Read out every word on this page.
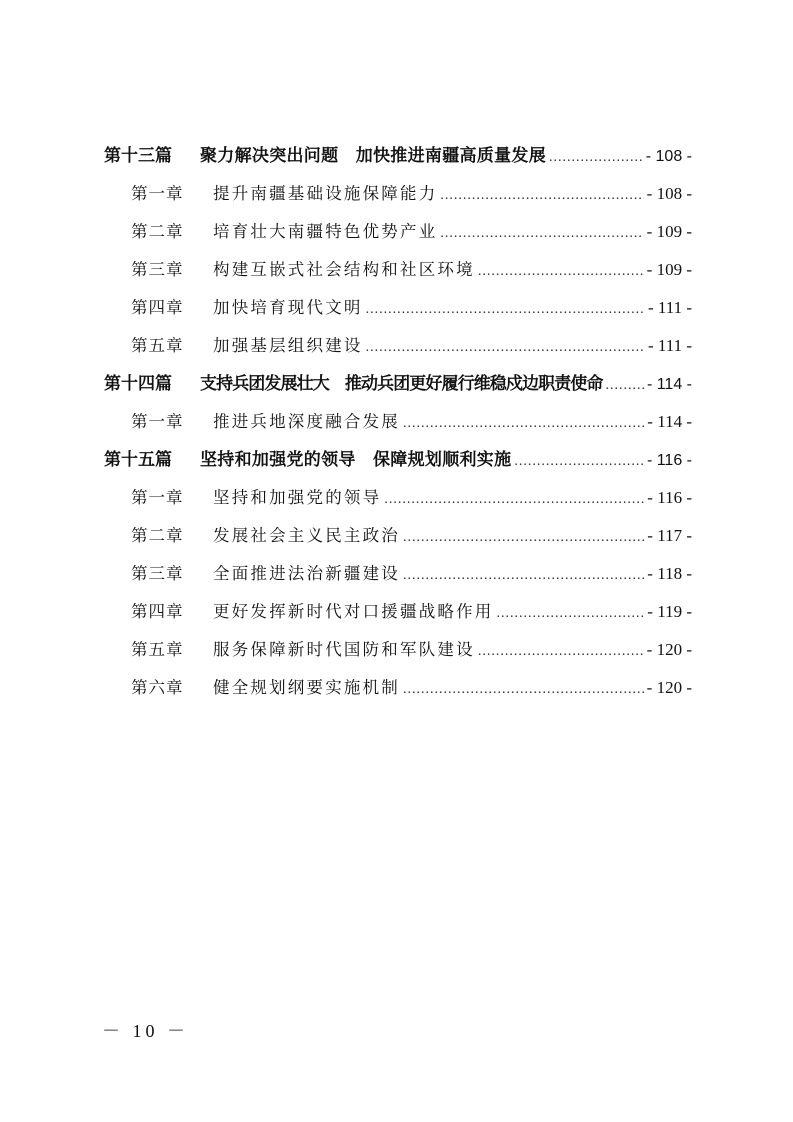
第十三篇	聚力解决突出问题　加快推进南疆高质量发展 .....	- 108 -
第一章	提升南疆基础设施保障能力 .....	- 108 -
第二章	培育壮大南疆特色优势产业 .....	- 109 -
第三章	构建互嵌式社会结构和社区环境 .....	- 109 -
第四章	加快培育现代文明 .....	- 111 -
第五章	加强基层组织建设 .....	- 111 -
第十四篇	支持兵团发展壮大　推动兵团更好履行维稳戍边职责使命 .....	- 114 -
第一章	推进兵地深度融合发展 .....	- 114 -
第十五篇	坚持和加强党的领导　保障规划顺利实施 .....	- 116 -
第一章	坚持和加强党的领导 .....	- 116 -
第二章	发展社会主义民主政治 .....	- 117 -
第三章	全面推进法治新疆建设 .....	- 118 -
第四章	更好发挥新时代对口援疆战略作用 .....	- 119 -
第五章	服务保障新时代国防和军队建设 .....	- 120 -
第六章	健全规划纲要实施机制 .....	- 120 -
－ 10 －
